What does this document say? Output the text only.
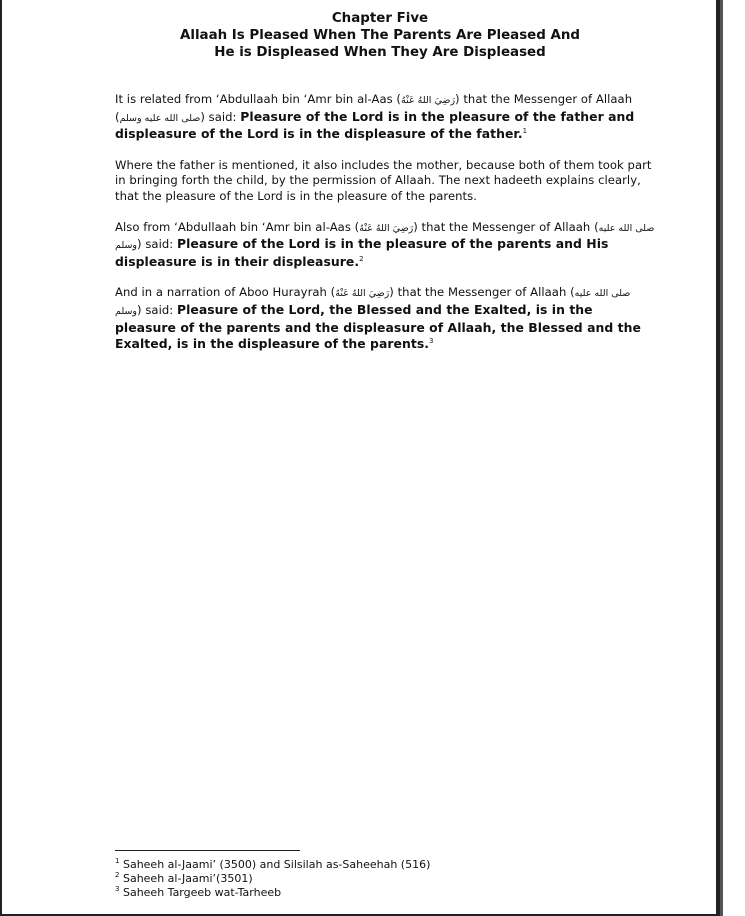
Chapter Five
Allaah Is Pleased When The Parents Are Pleased And
He is Displeased When They Are Displeased

It is related from ‘Abdullaah bin ‘Amr bin al-Aas (رَضِيَ اللهُ عَنْهُ) that the Messenger of Allaah (صلى الله عليه وسلم) said: Pleasure of the Lord is in the pleasure of the father and displeasure of the Lord is in the displeasure of the father.$^1$

Where the father is mentioned, it also includes the mother, because both of them took part in bringing forth the child, by the permission of Allaah. The next hadeeth explains clearly, that the pleasure of the Lord is in the pleasure of the parents.

Also from ‘Abdullaah bin ‘Amr bin al-Aas (رَضِيَ اللهُ عَنْهُ) that the Messenger of Allaah (صلى الله عليه وسلم) said: Pleasure of the Lord is in the pleasure of the parents and His displeasure is in their displeasure.$^2$

And in a narration of Aboo Hurayrah (رَضِيَ اللهُ عَنْهُ) that the Messenger of Allaah (صلى الله عليه وسلم) said: Pleasure of the Lord, the Blessed and the Exalted, is in the pleasure of the parents and the displeasure of Allaah, the Blessed and the Exalted, is in the displeasure of the parents.$^3$

$^1$ Saheeh al-Jaami’ (3500) and Silsilah as-Saheehah (516)
$^2$ Saheeh al-Jaami’(3501)
$^3$ Saheeh Targeeb wat-Tarheeb
